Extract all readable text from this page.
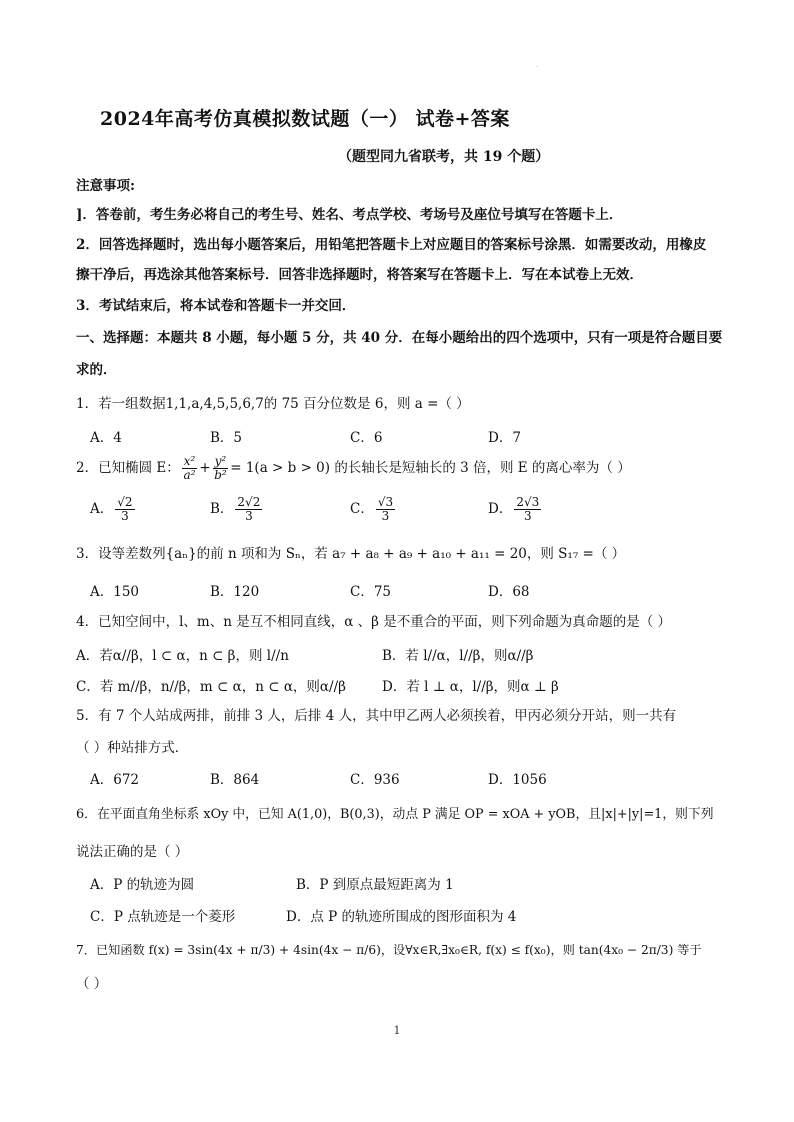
·
2024年高考仿真模拟数试题（一） 试卷+答案
（题型同九省联考，共 19 个题）
注意事项:
]．答卷前，考生务必将自己的考生号、姓名、考点学校、考场号及座位号填写在答题卡上．
2．回答选择题时，选出每小题答案后，用铅笔把答题卡上对应题目的答案标号涂黑．如需要改动，用橡皮
擦干净后，再选涂其他答案标号．回答非选择题时，将答案写在答题卡上．写在本试卷上无效．
3．考试结束后，将本试卷和答题卡一并交回．
一、选择题：本题共 8 小题，每小题 5 分，共 40 分．在每小题给出的四个选项中，只有一项是符合题目要
求的．
1．若一组数据1,1,a,4,5,5,6,7的 75 百分位数是 6，则 a =（ ）
A．4	B．5	C．6	D．7
2．已知椭圆 E： $\frac{\text{x²}}{\text{a²}} + \frac{\text{y²}}{\text{b²}} = 1(a > b > 0)$ 的长轴长是短轴长的 3 倍，则 E 的离心率为（ ）
A． $\frac{√2}{3}$	B． $\frac{2√2}{3}$	C． $\frac{√3}{3}$	D． $\frac{2√3}{3}$
3．设等差数列{aₙ}的前 n 项和为 Sₙ，若 a₇ + a₈ + a₉ + a₁₀ + a₁₁ = 20，则 S₁₇ =（ ）
A．150	B．120	C．75	D．68
4．已知空间中，l、m、n 是互不相同直线，α 、β 是不重合的平面，则下列命题为真命题的是（ ）
A．若α//β，l ⊂ α，n ⊂ β，则 l//n	B．若 l//α，l//β，则α//β
C．若 m//β，n//β，m ⊂ α，n ⊂ α，则α//β	D．若 l ⊥ α，l//β，则α ⊥ β
5．有 7 个人站成两排，前排 3 人，后排 4 人，其中甲乙两人必须挨着，甲丙必须分开站，则一共有
（ ）种站排方式．
A．672	B．864	C．936	D．1056
6．在平面直角坐标系 xOy 中，已知 A(1,0)，B(0,3)，动点 P 满足 OP = xOA + yOB，且|x|+|y|=1，则下列
说法正确的是（ ）
A．P 的轨迹为圆	B．P 到原点最短距离为 1
C．P 点轨迹是一个菱形	D．点 P 的轨迹所围成的图形面积为 4
7．已知函数 f(x) = 3sin(4x + π/3) + 4sin(4x − π/6)，设∀x∈R,∃x₀∈R, f(x) ≤ f(x₀)，则 tan(4x₀ − 2π/3) 等于
（ ）
1
